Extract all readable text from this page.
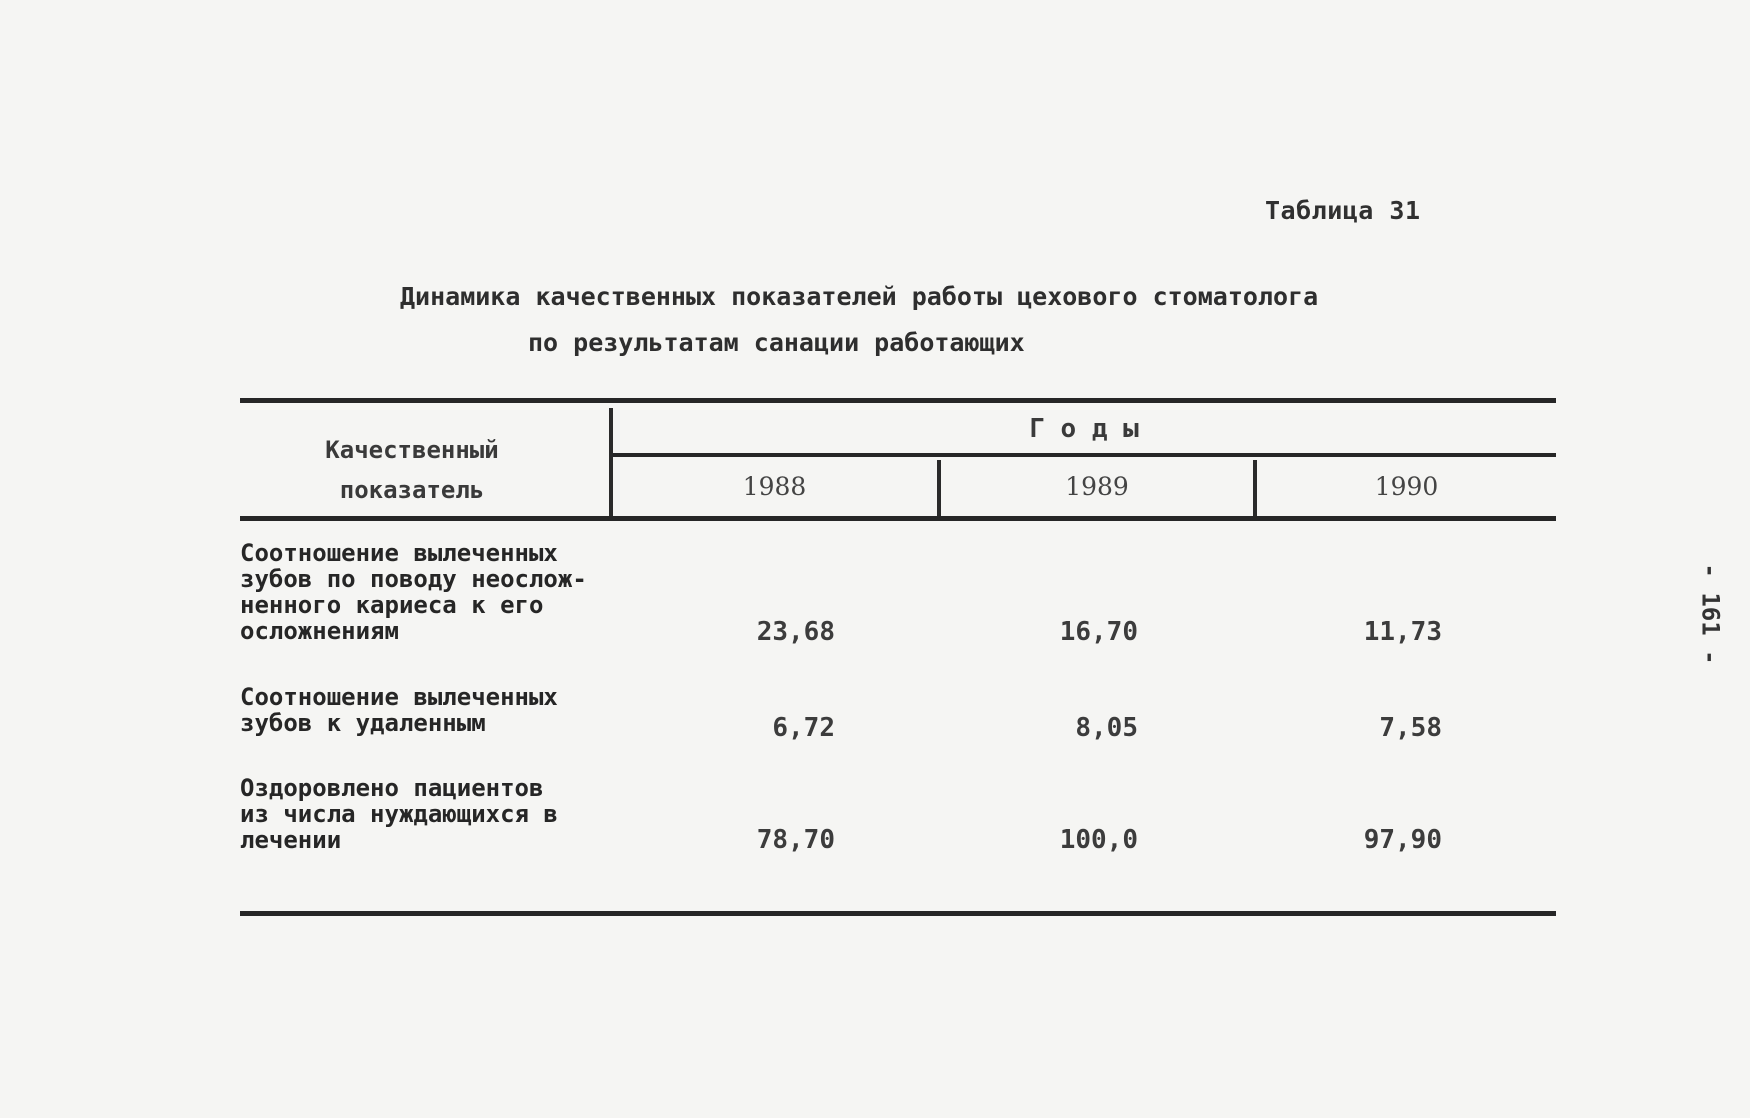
Таблица 31
Динамика качественных показателей работы цехового стоматолога
по результатам санации работающих
Качественный
показатель
Г о д ы
1988	1989	1990
Соотношение вылеченных
зубов по поводу неослож-
ненного кариеса к его
осложнениям	23,68	16,70	11,73
Соотношение вылеченных
зубов к удаленным	6,72	8,05	7,58
Оздоровлено пациентов
из числа нуждающихся в
лечении	78,70	100,0	97,90
- 161 -
